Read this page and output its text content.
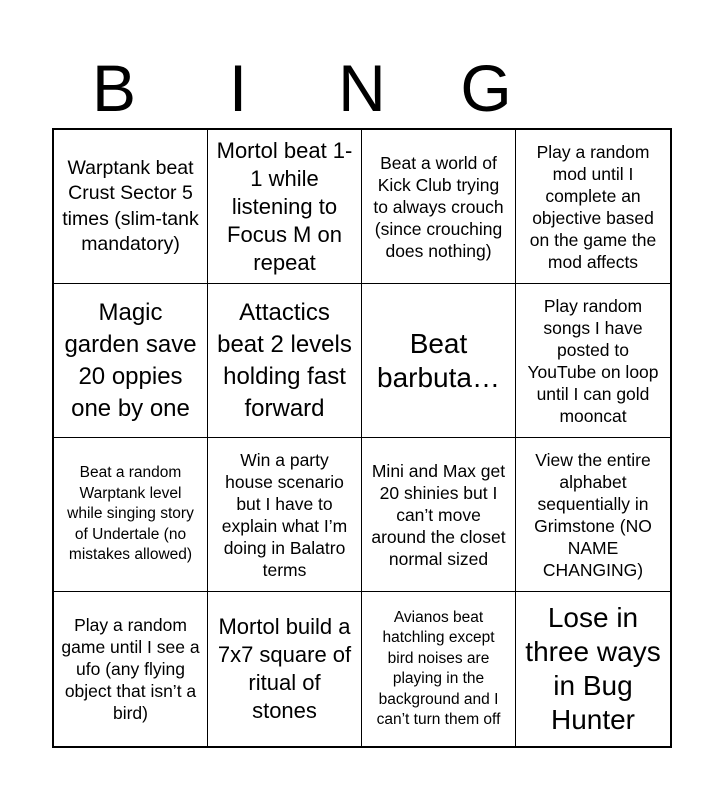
B	I	N	G
Warptank beat Crust Sector 5 times (slim-tank mandatory)
Mortol beat 1-1 while listening to Focus M on repeat
Beat a world of Kick Club trying to always crouch (since crouching does nothing)
Play a random mod until I complete an objective based on the game the mod affects
Magic garden save 20 oppies one by one
Attactics beat 2 levels holding fast forward
Beat barbuta…
Play random songs I have posted to YouTube on loop until I can gold mooncat
Beat a random Warptank level while singing story of Undertale (no mistakes allowed)
Win a party house scenario but I have to explain what I’m doing in Balatro terms
Mini and Max get 20 shinies but I can’t move around the closet normal sized
View the entire alphabet sequentially in Grimstone (NO NAME CHANGING)
Play a random game until I see a ufo (any flying object that isn’t a bird)
Mortol build a 7x7 square of ritual of stones
Avianos beat hatchling except bird noises are playing in the background and I can’t turn them off
Lose in three ways in Bug Hunter
